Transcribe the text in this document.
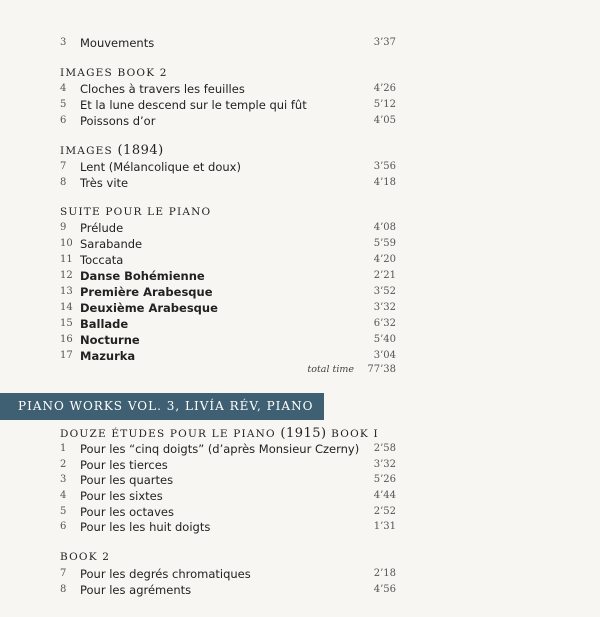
3	Mouvements	3’37
IMAGES BOOK 2
4	Cloches à travers les feuilles	4’26
5	Et la lune descend sur le temple qui fût	5’12
6	Poissons d’or	4’05
IMAGES (1894)
7	Lent (Mélancolique et doux)	3’56
8	Très vite	4’18
SUITE POUR LE PIANO
9	Prélude	4’08
10 Sarabande	5’59
11 Toccata	4’20
12 Danse Bohémienne	2’21
13 Première Arabesque	3’52
14 Deuxième Arabesque	3’32
15 Ballade	6’32
16 Nocturne	5’40
17 Mazurka	3’04
total time	77’38
PIANO WORKS VOL. 3, LIVÍA RÉV, PIANO
DOUZE ÉTUDES POUR LE PIANO (1915) BOOK I
1	Pour les “cinq doigts” (d’après Monsieur Czerny)	2’58
2	Pour les tierces	3’32
3	Pour les quartes	5’26
4	Pour les sixtes	4’44
5	Pour les octaves	2’52
6	Pour les les huit doigts	1’31
BOOK 2
7	Pour les degrés chromatiques	2’18
8	Pour les agréments	4’56
